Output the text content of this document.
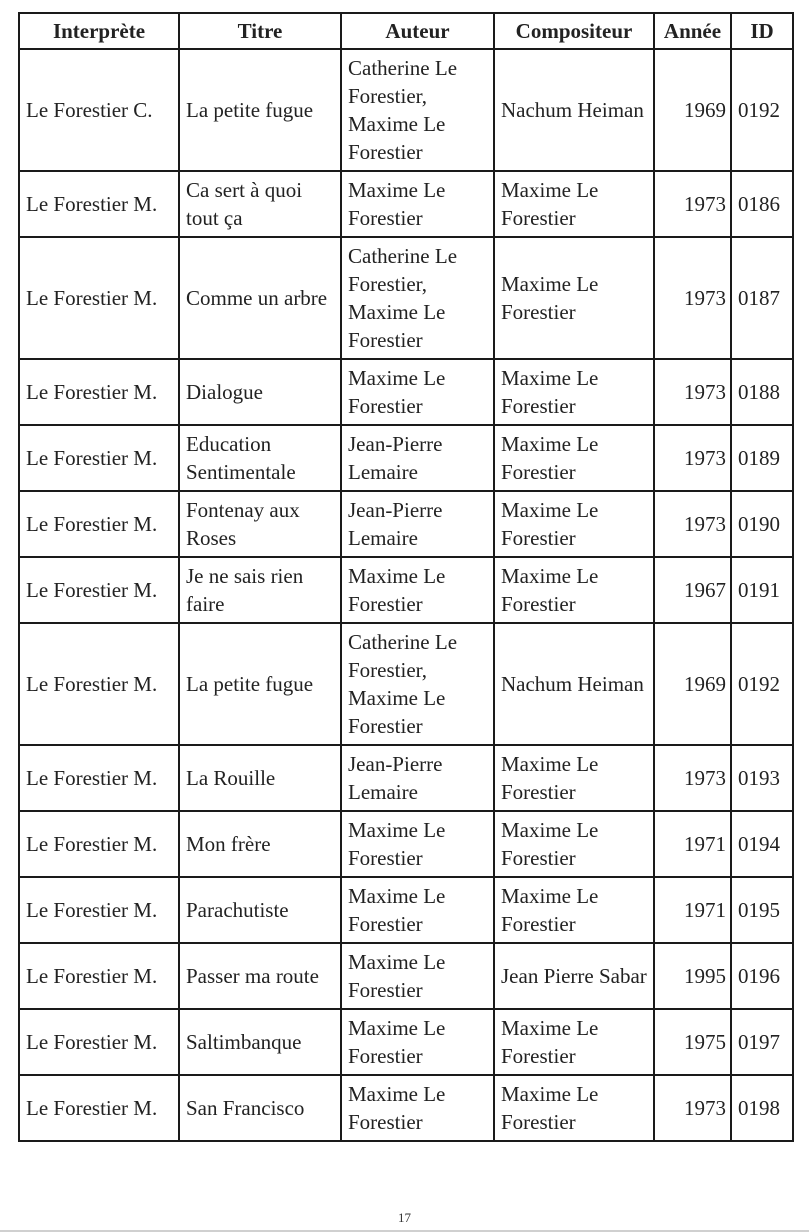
Interprète	Titre	Auteur	Compositeur	Année	ID
Le Forestier C.	La petite fugue	Catherine Le Forestier, Maxime Le Forestier	Nachum Heiman	1969	0192
Le Forestier M.	Ca sert à quoi tout ça	Maxime Le Forestier	Maxime Le Forestier	1973	0186
Le Forestier M.	Comme un arbre	Catherine Le Forestier, Maxime Le Forestier	Maxime Le Forestier	1973	0187
Le Forestier M.	Dialogue	Maxime Le Forestier	Maxime Le Forestier	1973	0188
Le Forestier M.	Education Sentimentale	Jean-Pierre Lemaire	Maxime Le Forestier	1973	0189
Le Forestier M.	Fontenay aux Roses	Jean-Pierre Lemaire	Maxime Le Forestier	1973	0190
Le Forestier M.	Je ne sais rien faire	Maxime Le Forestier	Maxime Le Forestier	1967	0191
Le Forestier M.	La petite fugue	Catherine Le Forestier, Maxime Le Forestier	Nachum Heiman	1969	0192
Le Forestier M.	La Rouille	Jean-Pierre Lemaire	Maxime Le Forestier	1973	0193
Le Forestier M.	Mon frère	Maxime Le Forestier	Maxime Le Forestier	1971	0194
Le Forestier M.	Parachutiste	Maxime Le Forestier	Maxime Le Forestier	1971	0195
Le Forestier M.	Passer ma route	Maxime Le Forestier	Jean Pierre Sabar	1995	0196
Le Forestier M.	Saltimbanque	Maxime Le Forestier	Maxime Le Forestier	1975	0197
Le Forestier M.	San Francisco	Maxime Le Forestier	Maxime Le Forestier	1973	0198
17
